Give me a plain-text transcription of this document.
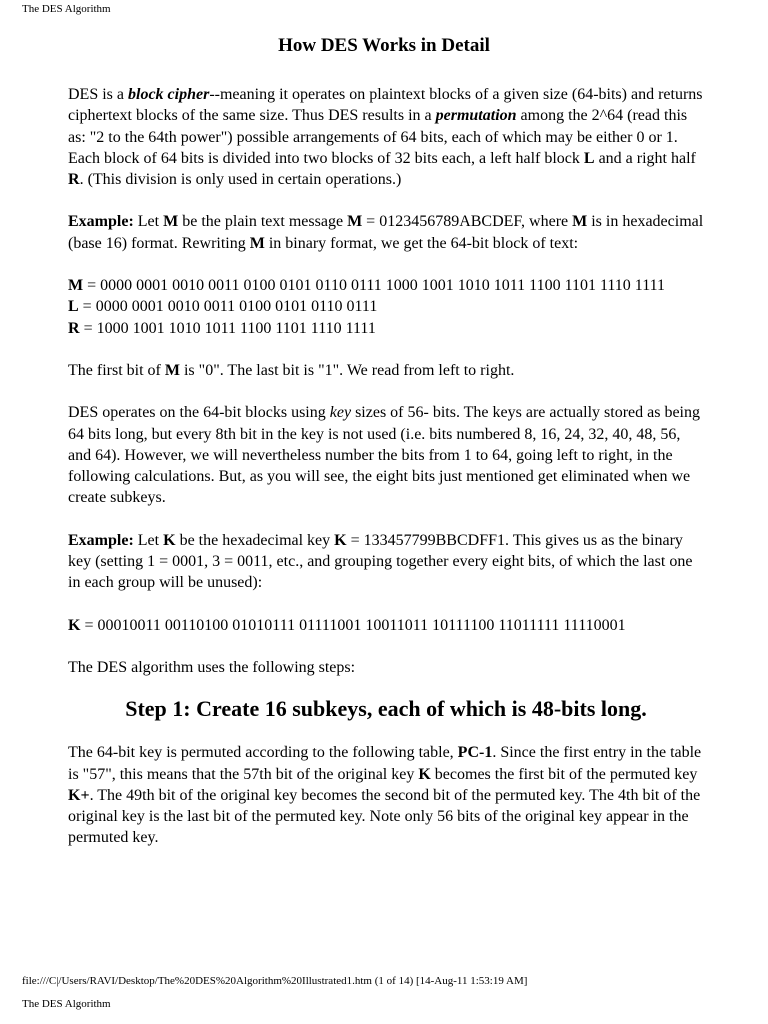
The DES Algorithm
How DES Works in Detail

DES is a block cipher--meaning it operates on plaintext blocks of a given size (64-bits) and returns ciphertext blocks of the same size. Thus DES results in a permutation among the 2^64 (read this as: "2 to the 64th power") possible arrangements of 64 bits, each of which may be either 0 or 1. Each block of 64 bits is divided into two blocks of 32 bits each, a left half block L and a right half R. (This division is only used in certain operations.)

Example: Let M be the plain text message M = 0123456789ABCDEF, where M is in hexadecimal (base 16) format. Rewriting M in binary format, we get the 64-bit block of text:

M = 0000 0001 0010 0011 0100 0101 0110 0111 1000 1001 1010 1011 1100 1101 1110 1111

L = 0000 0001 0010 0011 0100 0101 0110 0111

R = 1000 1001 1010 1011 1100 1101 1110 1111

The first bit of M is "0". The last bit is "1". We read from left to right.

DES operates on the 64-bit blocks using key sizes of 56- bits. The keys are actually stored as being 64 bits long, but every 8th bit in the key is not used (i.e. bits numbered 8, 16, 24, 32, 40, 48, 56, and 64). However, we will nevertheless number the bits from 1 to 64, going left to right, in the following calculations. But, as you will see, the eight bits just mentioned get eliminated when we create subkeys.

Example: Let K be the hexadecimal key K = 133457799BBCDFF1. This gives us as the binary key (setting 1 = 0001, 3 = 0011, etc., and grouping together every eight bits, of which the last one in each group will be unused):

K = 00010011 00110100 01010111 01111001 10011011 10111100 11011111 11110001

The DES algorithm uses the following steps:

Step 1: Create 16 subkeys, each of which is 48-bits long.

The 64-bit key is permuted according to the following table, PC-1. Since the first entry in the table is "57", this means that the 57th bit of the original key K becomes the first bit of the permuted key K+. The 49th bit of the original key becomes the second bit of the permuted key. The 4th bit of the original key is the last bit of the permuted key. Note only 56 bits of the original key appear in the permuted key.

file:///C|/Users/RAVI/Desktop/The%20DES%20Algorithm%20Illustrated1.htm (1 of 14) [14-Aug-11 1:53:19 AM]
The DES Algorithm
